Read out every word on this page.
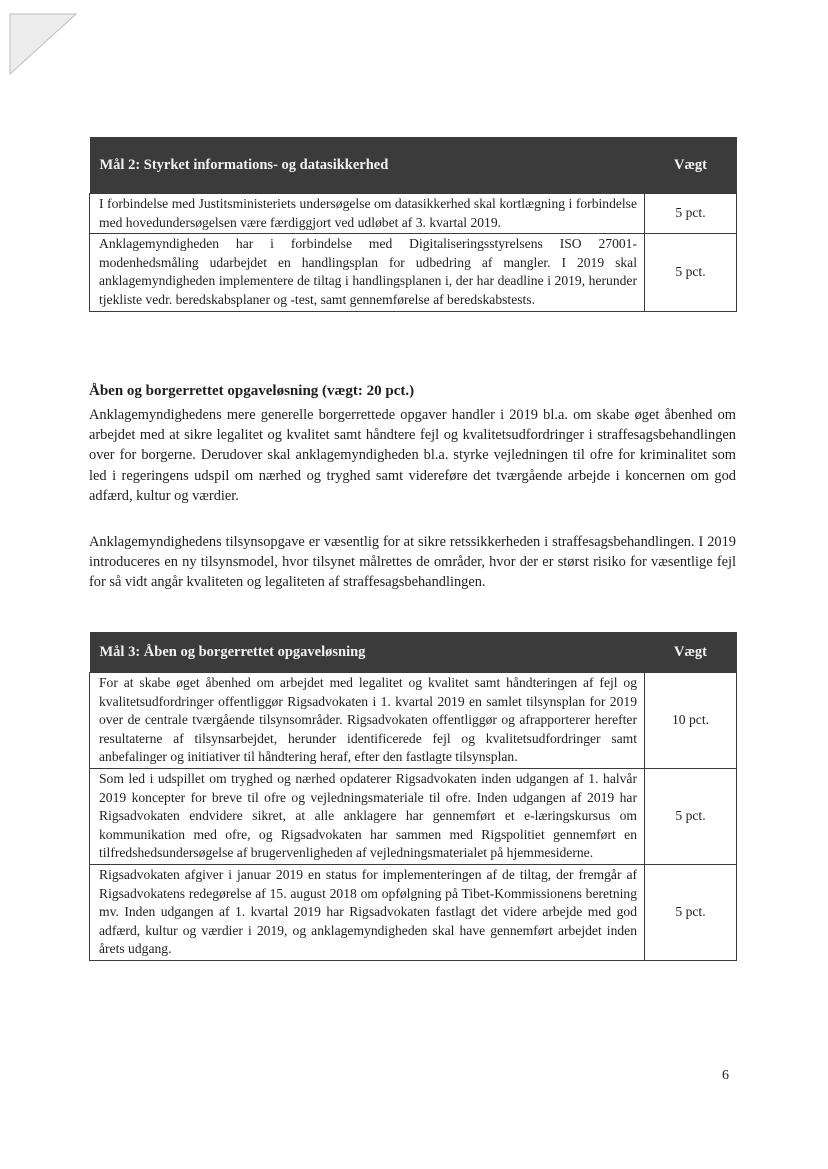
Mål 2: Styrket informations- og datasikkerhed	Vægt
I forbindelse med Justitsministeriets undersøgelse om datasikkerhed skal kortlægning i forbindelse med hovedundersøgelsen være færdiggjort ved udløbet af 3. kvartal 2019.	5 pct.
Anklagemyndigheden har i forbindelse med Digitaliseringsstyrelsens ISO 27001-modenhedsmåling udarbejdet en handlingsplan for udbedring af mangler. I 2019 skal anklagemyndigheden implementere de tiltag i handlingsplanen i, der har deadline i 2019, herunder tjekliste vedr. beredskabsplaner og -test, samt gennemførelse af beredskabstests.	5 pct.
Åben og borgerrettet opgaveløsning (vægt: 20 pct.)

Anklagemyndighedens mere generelle borgerrettede opgaver handler i 2019 bl.a. om skabe øget åbenhed om arbejdet med at sikre legalitet og kvalitet samt håndtere fejl og kvalitetsudfordringer i straffesagsbehandlingen over for borgerne. Derudover skal anklagemyndigheden bl.a. styrke vejledningen til ofre for kriminalitet som led i regeringens udspil om nærhed og tryghed samt videreføre det tværgående arbejde i koncernen om god adfærd, kultur og værdier.

Anklagemyndighedens tilsynsopgave er væsentlig for at sikre retssikkerheden i straffesagsbehandlingen. I 2019 introduceres en ny tilsynsmodel, hvor tilsynet målrettes de områder, hvor der er størst risiko for væsentlige fejl for så vidt angår kvaliteten og legaliteten af straffesagsbehandlingen.

Mål 3: Åben og borgerrettet opgaveløsning	Vægt
For at skabe øget åbenhed om arbejdet med legalitet og kvalitet samt håndteringen af fejl og kvalitetsudfordringer offentliggør Rigsadvokaten i 1. kvartal 2019 en samlet tilsynsplan for 2019 over de centrale tværgående tilsynsområder. Rigsadvokaten offentliggør og afrapporterer herefter resultaterne af tilsynsarbejdet, herunder identificerede fejl og kvalitetsudfordringer samt anbefalinger og initiativer til håndtering heraf, efter den fastlagte tilsynsplan.	10 pct.
Som led i udspillet om tryghed og nærhed opdaterer Rigsadvokaten inden udgangen af 1. halvår 2019 koncepter for breve til ofre og vejledningsmateriale til ofre. Inden udgangen af 2019 har Rigsadvokaten endvidere sikret, at alle anklagere har gennemført et e-læringskursus om kommunikation med ofre, og Rigsadvokaten har sammen med Rigspolitiet gennemført en tilfredshedsundersøgelse af brugervenligheden af vejledningsmaterialet på hjemmesiderne.	5 pct.
Rigsadvokaten afgiver i januar 2019 en status for implementeringen af de tiltag, der fremgår af Rigsadvokatens redegørelse af 15. august 2018 om opfølgning på Tibet-Kommissionens beretning mv. Inden udgangen af 1. kvartal 2019 har Rigsadvokaten fastlagt det videre arbejde med god adfærd, kultur og værdier i 2019, og anklagemyndigheden skal have gennemført arbejdet inden årets udgang.	5 pct.
6
